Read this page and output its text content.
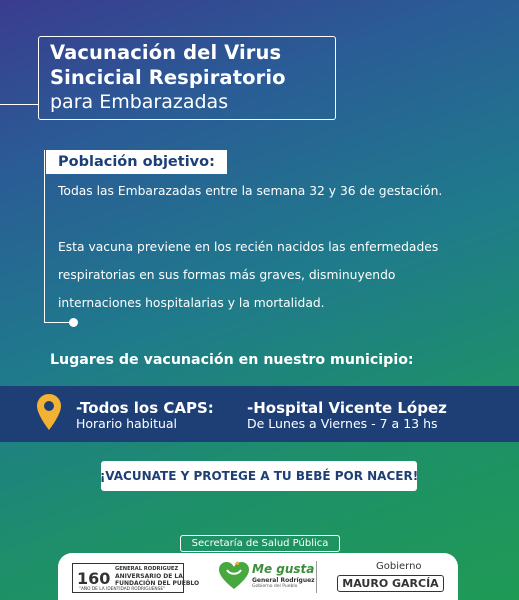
Vacunación del Virus
Sincicial Respiratorio
para Embarazadas
Población objetivo:
Todas las Embarazadas entre la semana 32 y 36 de gestación.
Esta vacuna previene en los recién nacidos las enfermedades
respiratorias en sus formas más graves, disminuyendo
internaciones hospitalarias y la mortalidad.
Lugares de vacunación en nuestro municipio:
-Todos los CAPS:
Horario habitual
-Hospital Vicente López
De Lunes a Viernes - 7 a 13 hs
¡VACUNATE Y PROTEGE A TU BEBÉ POR NACER!
Secretaría de Salud Pública
160 GENERAL RODRIGUEZ
ANIVERSARIO DE LA
FUNDACIÓN DEL PUEBLO
"AÑO DE LA IDENTIDAD RODRIGUENSE"
Me gusta
General Rodríguez
Gobierno del Pueblo
Gobierno
MAURO GARCÍA
